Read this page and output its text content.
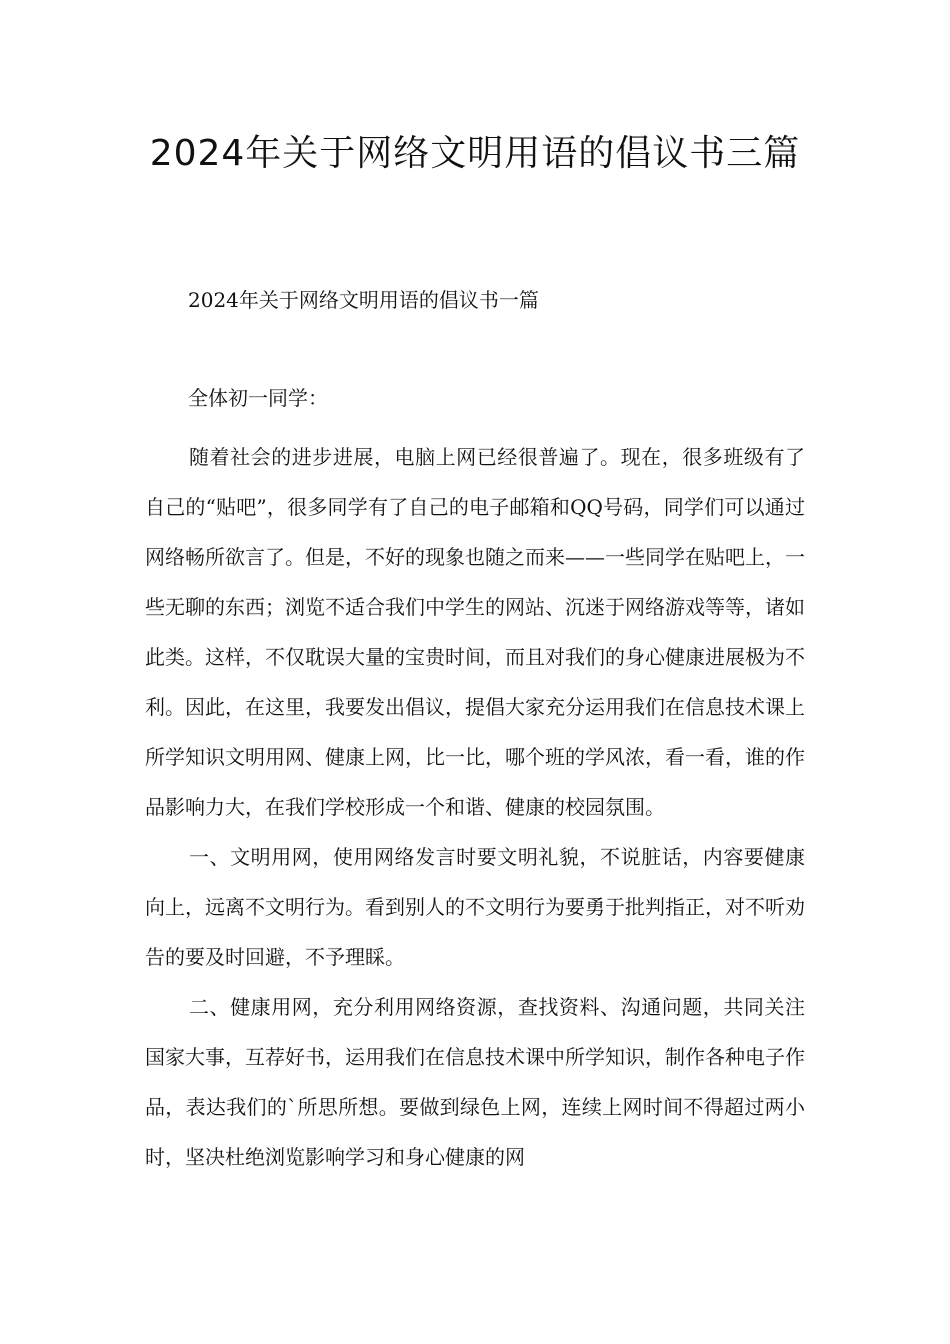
2024年关于网络文明用语的倡议书三篇
2024年关于网络文明用语的倡议书一篇

全体初一同学：

随着社会的进步进展，电脑上网已经很普遍了。现在，很多班级有了自己的“贴吧”，很多同学有了自己的电子邮箱和QQ号码，同学们可以通过网络畅所欲言了。但是，不好的现象也随之而来——一些同学在贴吧上，一些无聊的东西；浏览不适合我们中学生的网站、沉迷于网络游戏等等，诸如此类。这样，不仅耽误大量的宝贵时间，而且对我们的身心健康进展极为不利。因此，在这里，我要发出倡议，提倡大家充分运用我们在信息技术课上所学知识文明用网、健康上网，比一比，哪个班的学风浓，看一看，谁的作品影响力大，在我们学校形成一个和谐、健康的校园氛围。

一、文明用网，使用网络发言时要文明礼貌，不说脏话，内容要健康向上，远离不文明行为。看到别人的不文明行为要勇于批判指正，对不听劝告的要及时回避，不予理睬。

二、健康用网，充分利用网络资源，查找资料、沟通问题，共同关注国家大事，互荐好书，运用我们在信息技术课中所学知识，制作各种电子作品，表达我们的`所思所想。要做到绿色上网，连续上网时间不得超过两小时，坚决杜绝浏览影响学习和身心健康的网
